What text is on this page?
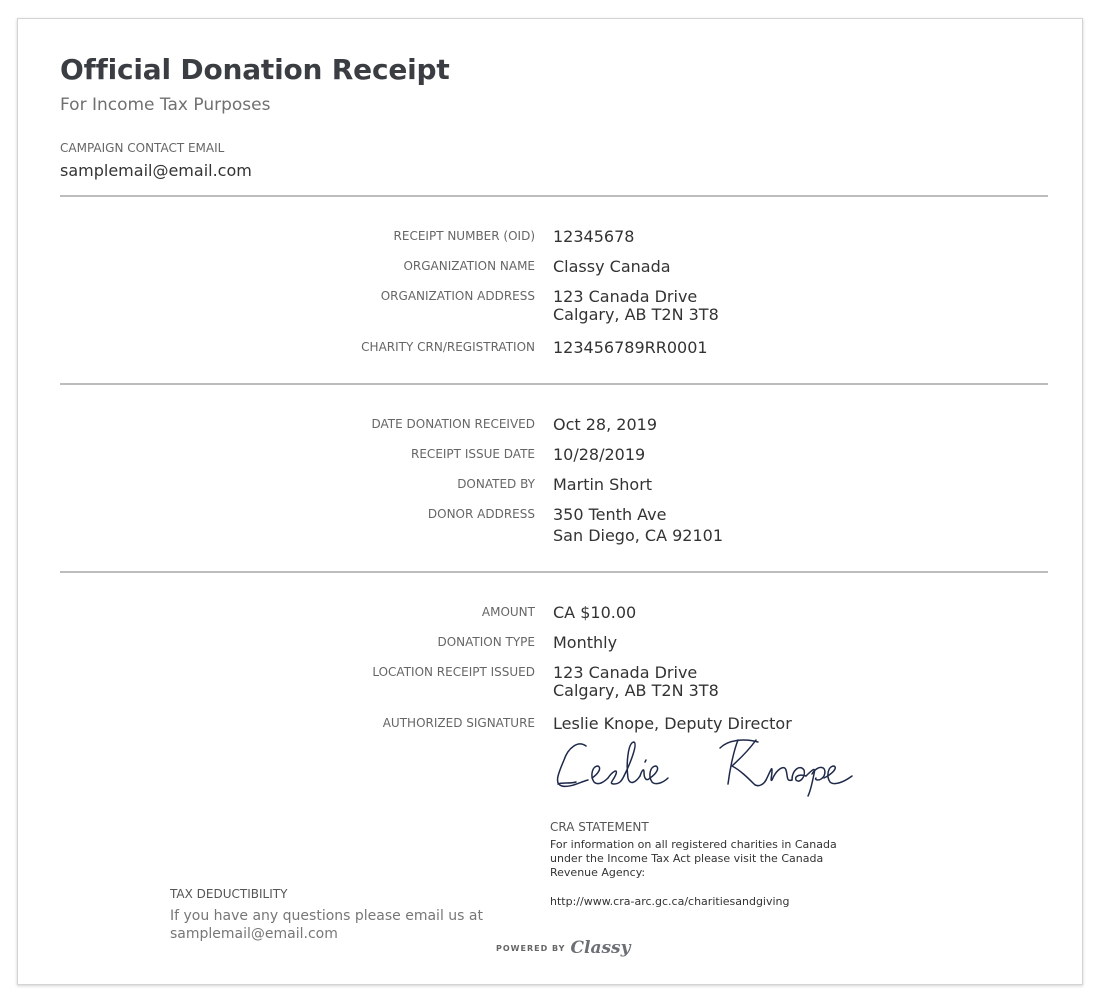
Official Donation Receipt
For Income Tax Purposes
CAMPAIGN CONTACT EMAIL
samplemail@email.com
RECEIPT NUMBER (OID) 12345678
ORGANIZATION NAME Classy Canada
ORGANIZATION ADDRESS 123 Canada Drive
Calgary, AB T2N 3T8
CHARITY CRN/REGISTRATION 123456789RR0001
DATE DONATION RECEIVED Oct 28, 2019
RECEIPT ISSUE DATE 10/28/2019
DONATED BY Martin Short
DONOR ADDRESS 350 Tenth Ave
San Diego, CA 92101
AMOUNT CA $10.00
DONATION TYPE Monthly
LOCATION RECEIPT ISSUED 123 Canada Drive
Calgary, AB T2N 3T8
AUTHORIZED SIGNATURE Leslie Knope, Deputy Director
CRA STATEMENT
For information on all registered charities in Canada under the Income Tax Act please visit the Canada Revenue Agency:
http://www.cra-arc.gc.ca/charitiesandgiving
TAX DEDUCTIBILITY
If you have any questions please email us at samplemail@email.com
POWERED BY Classy
